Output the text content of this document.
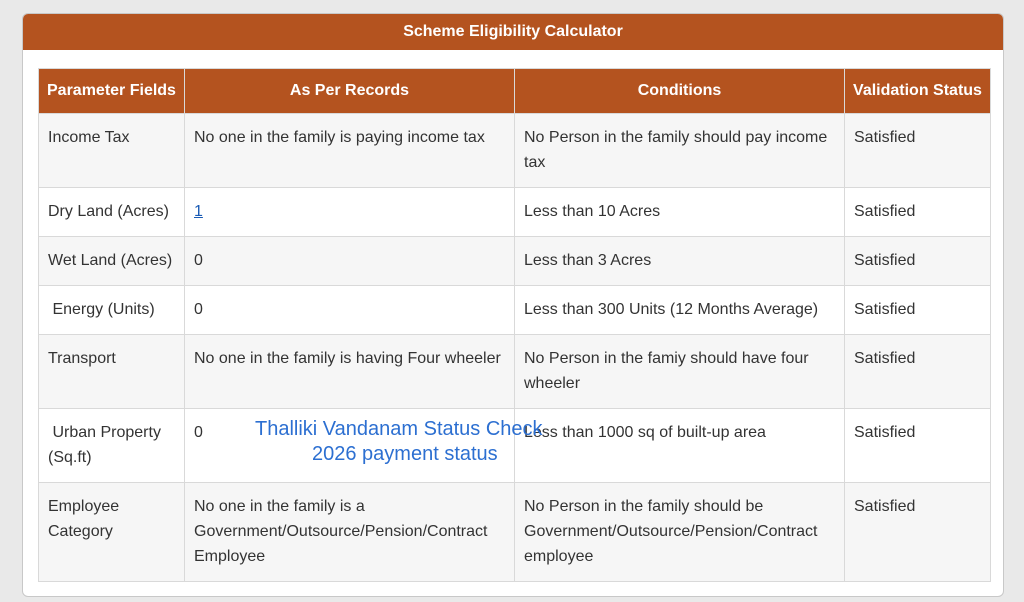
Scheme Eligibility Calculator
Parameter Fields	As Per Records	Conditions	Validation Status
Income Tax	No one in the family is paying income tax	No Person in the family should pay income tax	Satisfied
Dry Land (Acres)	1	Less than 10 Acres	Satisfied
Wet Land (Acres)	0	Less than 3 Acres	Satisfied
Energy (Units)	0	Less than 300 Units (12 Months Average)	Satisfied
Transport	No one in the family is having Four wheeler	No Person in the famiy should have four wheeler	Satisfied
Urban Property (Sq.ft)	0	Less than 1000 sq of built-up area	Satisfied
Employee Category	No one in the family is a Government/Outsource/Pension/Contract Employee	No Person in the family should be Government/Outsource/Pension/Contract employee	Satisfied
Thalliki Vandanam Status Check
2026 payment status
